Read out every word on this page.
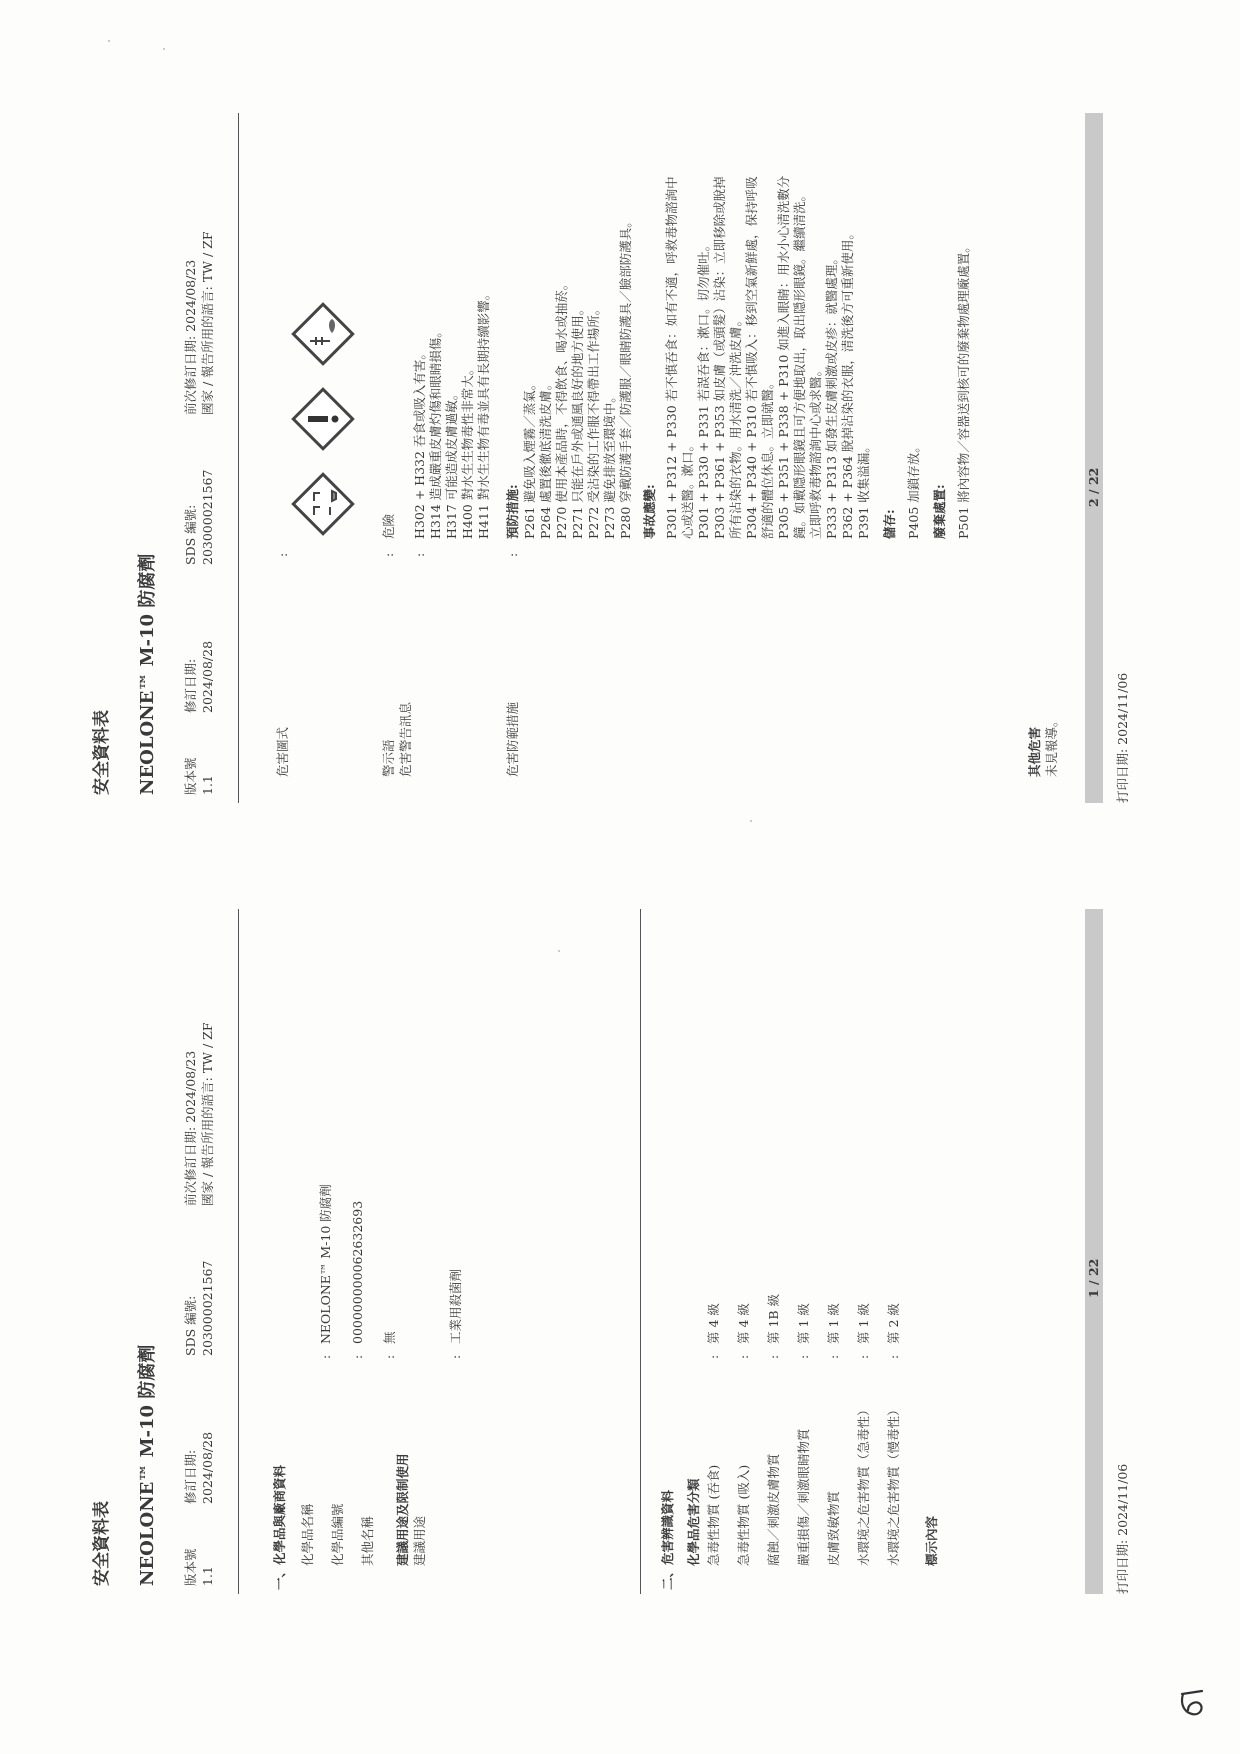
安全資料表 NEOLONE™ M-10 防腐劑 版本號 1.1
修訂日期: 2024/08/28
SDS 編號: 203000021567
前次修訂日期: 2024/08/23 國家 / 報告所用的語言: TW / ZF
一、化學品與廠商資料 化學品名稱
NEOLONE™ M-10 防腐劑
化學品編號
000000000062632693
其他名稱
無
: : :
建議用途及限制使用 建議用途
:
工業用殺菌劑
二、危害辨識資料 化學品危害分類 急毒性物質 (吞食)
:
第 4 級
急毒性物質 (吸入)
:
第 4 級
腐蝕／刺激皮膚物質
:
第 1B 級
嚴重損傷／刺激眼睛物質
:
第 1 級
皮膚致敏物質
:
第 1 級
水環境之危害物質（急毒性）
:
第 1 級
水環境之危害物質（慢毒性）
:
第 2 級
標示內容	打印日期: 2024/11/06
1 / 22
安全資料表 NEOLONE™ M-10 防腐劑 版本號 1.1
修訂日期: 2024/08/28
SDS 編號: 203000021567
前次修訂日期: 2024/08/23 國家 / 報告所用的語言: TW / ZF
危害圖式
:
警示語
:
危險
危害警告訊息
:
H302 + H332 吞食或吸入有害。 H314 造成嚴重皮膚灼傷和眼睛損傷。 H317 可能造成皮膚過敏。 H400 對水生生物毒性非常大。 H411 對水生生物有毒並具有長期持續影響。
危害防範措施
:
預防措施: P261 避免吸入煙霧／蒸氣。 P264 處置後徹底清洗皮膚。 P270 使用本產品時，不得飲食、喝水或抽菸。 P271 只能在戶外或通風良好的地方使用。 P272 受沾染的工作服不得帶出工作場所。 P273 避免排放至環境中。 P280 穿戴防護手套／防護服／眼睛防護具／臉部防護具。 事故應變: P301 + P312 + P330 若不慎吞食：如有不適，呼救毒物諮詢中 心或送醫。漱口。 P301 + P330 + P331 若誤吞食：漱口。切勿催吐。 P303 + P361 + P353 如皮膚（或頭髮）沾染：立即移除或脫掉 所有沾染的衣物。用水清洗／沖洗皮膚。 P304 + P340 + P310 若不慎吸入：移到空氣新鮮處，保持呼吸 舒適的體位休息。立即就醫。 P305 + P351 + P338 + P310 如進入眼睛：用水小心清洗數分 鐘。如戴隱形眼鏡且可方便地取出，取出隱形眼鏡。繼續清洗。 立即呼救毒物諮詢中心或求醫。 P333 + P313 如發生皮膚刺激或皮疹：就醫處理。 P362 + P364 脫掉沾染的衣服，清洗後方可重新使用。 P391 收集溢漏。 儲存: P405 加鎖存放。 廢棄處置: P501 將內容物／容器送到核可的廢棄物處理廠處置。
其他危害 未見報導。	打印日期: 2024/11/06
2 / 22
